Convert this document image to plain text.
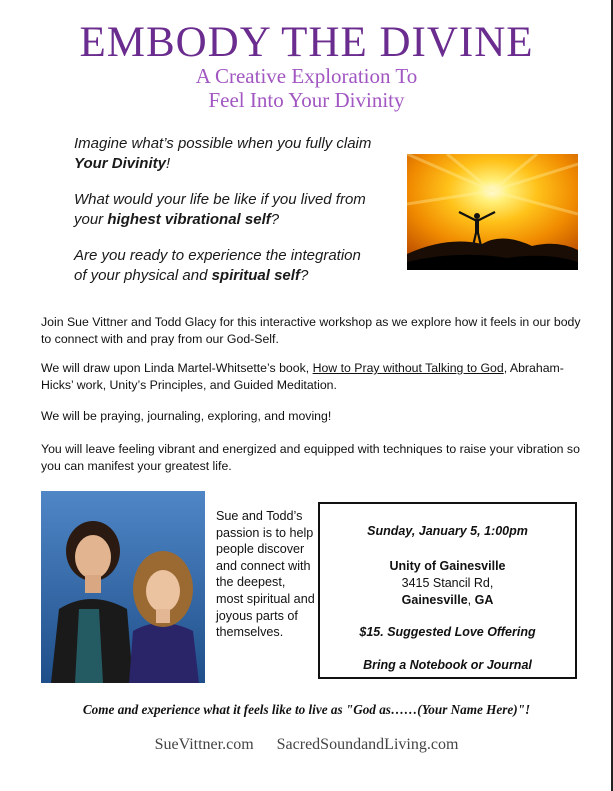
EMBODY THE DIVINE
A Creative Exploration To
Feel Into Your Divinity
Imagine what’s possible when you fully claim
Your Divinity!
What would your life be like if you lived from
your highest vibrational self?
Are you ready to experience the integration
of your physical and spiritual self?
Join Sue Vittner and Todd Glacy for this interactive workshop as we explore how it feels in our body to connect with and pray from our God-Self.
We will draw upon Linda Martel-Whitsette’s book, How to Pray without Talking to God, Abraham-Hicks’ work, Unity’s Principles, and Guided Meditation.
We will be praying, journaling, exploring, and moving!
You will leave feeling vibrant and energized and equipped with techniques to raise your vibration so you can manifest your greatest life.
Sue and Todd’s passion is to help people discover and connect with the deepest, most spiritual and joyous parts of themselves.
Sunday, January 5, 1:00pm
Unity of Gainesville
3415 Stancil Rd,
Gainesville, GA
$15. Suggested Love Offering
Bring a Notebook or Journal
Come and experience what it feels like to live as "God as……(Your Name Here)"!
SueVittner.com SacredSoundandLiving.com
